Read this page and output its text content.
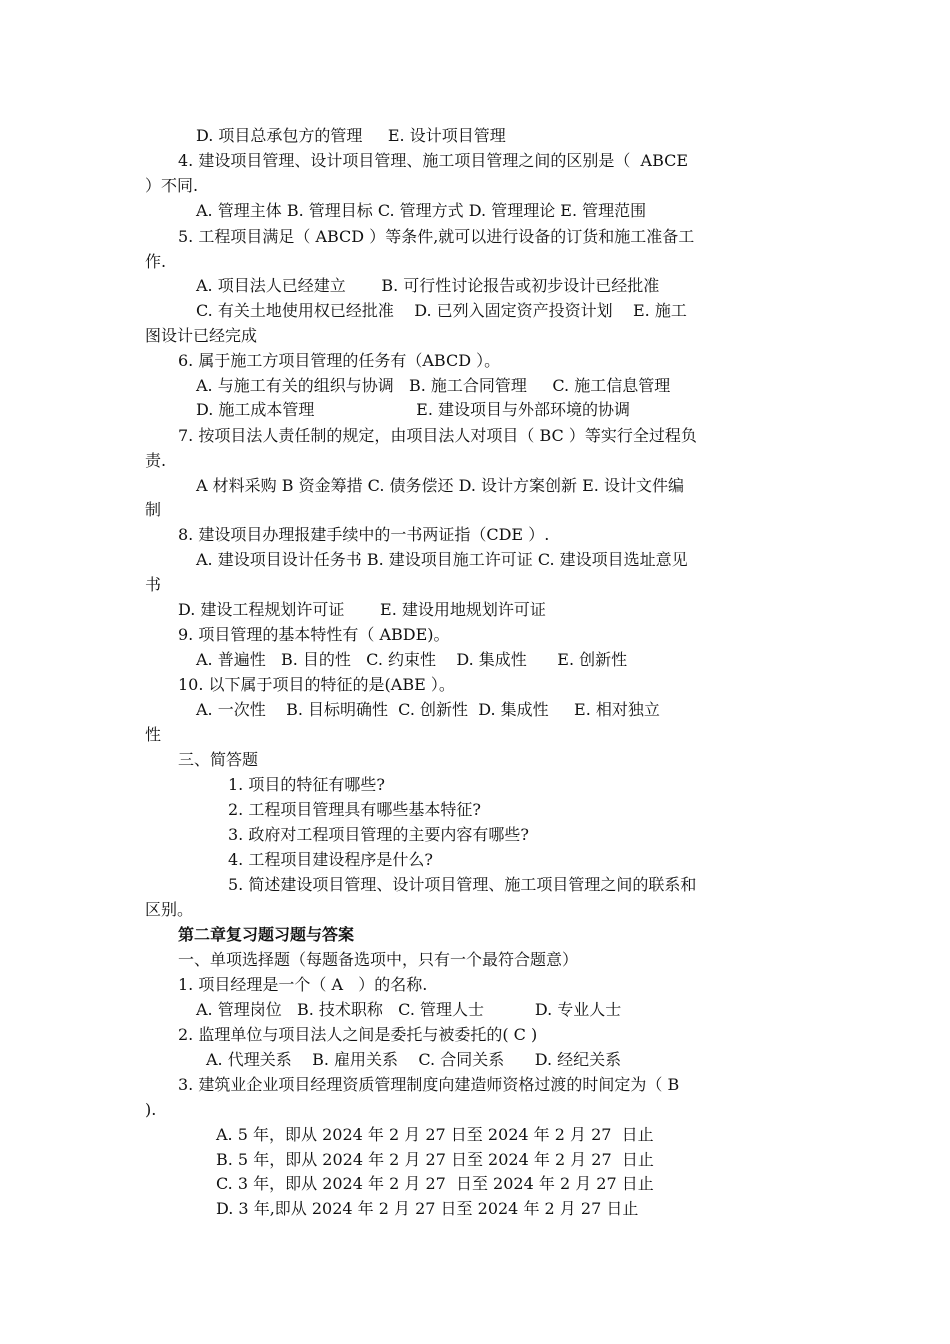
D. 项目总承包方的管理     E. 设计项目管理
4. 建设项目管理、设计项目管理、施工项目管理之间的区别是（  ABCE
）不同.
A. 管理主体 B. 管理目标 C. 管理方式 D. 管理理论 E. 管理范围
5. 工程项目满足（ ABCD ）等条件,就可以进行设备的订货和施工准备工
作.
A. 项目法人已经建立       B. 可行性讨论报告或初步设计已经批准
C. 有关土地使用权已经批准    D. 已列入固定资产投资计划    E. 施工
图设计已经完成
6. 属于施工方项目管理的任务有（ABCD ）。
A. 与施工有关的组织与协调   B. 施工合同管理     C. 施工信息管理
D. 施工成本管理                    E. 建设项目与外部环境的协调
7. 按项目法人责任制的规定，由项目法人对项目（ BC ）等实行全过程负
责.
A 材料采购 B 资金筹措 C. 债务偿还 D. 设计方案创新 E. 设计文件编
制
8. 建设项目办理报建手续中的一书两证指（CDE ）.
A. 建设项目设计任务书 B. 建设项目施工许可证 C. 建设项目选址意见
书
D. 建设工程规划许可证       E. 建设用地规划许可证
9. 项目管理的基本特性有（ ABDE)。
A. 普遍性   B. 目的性   C. 约束性    D. 集成性      E. 创新性
10. 以下属于项目的特征的是(ABE ）。
A. 一次性    B. 目标明确性  C. 创新性  D. 集成性     E. 相对独立
性
三、简答题
1. 项目的特征有哪些?
2. 工程项目管理具有哪些基本特征?
3. 政府对工程项目管理的主要内容有哪些?
4. 工程项目建设程序是什么?
5. 简述建设项目管理、设计项目管理、施工项目管理之间的联系和
区别。
第二章复习题习题与答案
一、单项选择题（每题备选项中，只有一个最符合题意）
1. 项目经理是一个（ A   ）的名称.
A. 管理岗位   B. 技术职称   C. 管理人士          D. 专业人士
2. 监理单位与项目法人之间是委托与被委托的( C )
A. 代理关系    B. 雇用关系    C. 合同关系      D. 经纪关系
3. 建筑业企业项目经理资质管理制度向建造师资格过渡的时间定为（ B
).
A. 5 年，即从 2024 年 2 月 27 日至 2024 年 2 月 27  日止
B. 5 年，即从 2024 年 2 月 27 日至 2024 年 2 月 27  日止
C. 3 年，即从 2024 年 2 月 27  日至 2024 年 2 月 27 日止
D. 3 年,即从 2024 年 2 月 27 日至 2024 年 2 月 27 日止
